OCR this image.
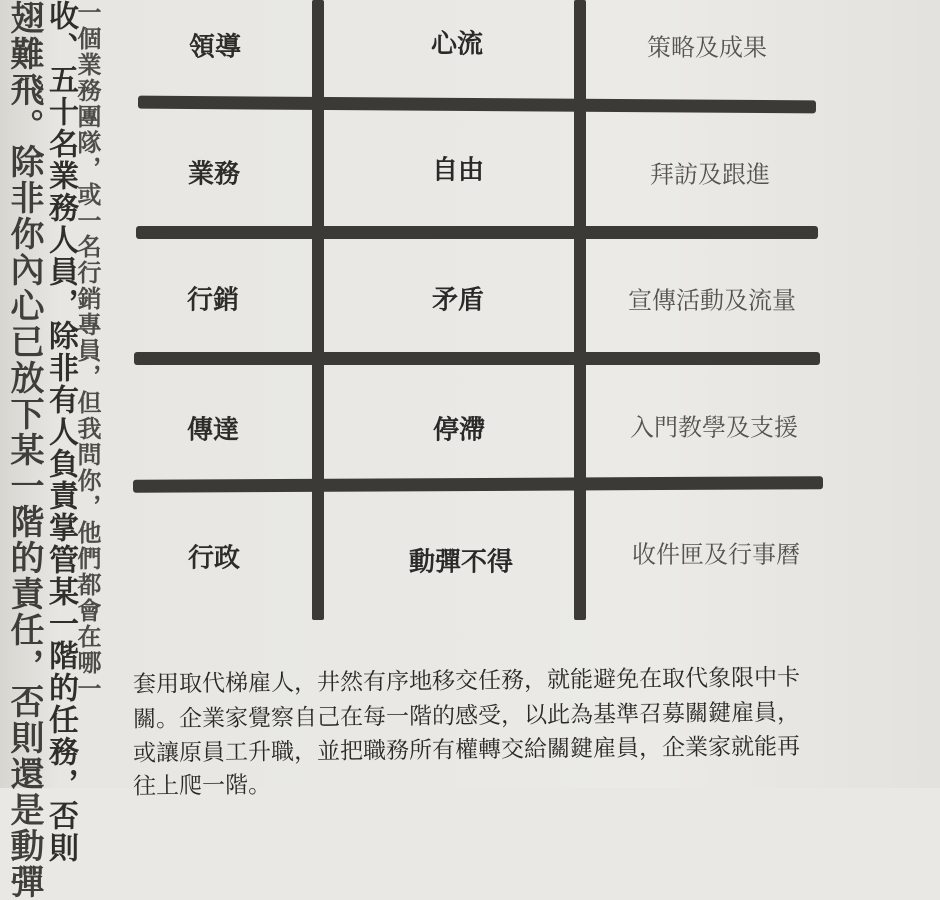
翅難飛。除非你內心已放下某一階的責任，否則還是動彈 收、五十名業務人員，除非有人負責掌管某一階的任務，否則
一個業務團隊，或一名行銷專員，但我問你，他們都會在哪一	領導	心流	策略及成果
業務	自由	拜訪及跟進
行銷	矛盾	宣傳活動及流量
傳達	停滯	入門教學及支援
行政	動彈不得	收件匣及行事曆
套用取代梯雇人，井然有序地移交任務，就能避免在取代象限中卡
關。企業家覺察自己在每一階的感受，以此為基準召募關鍵雇員，
或讓原員工升職，並把職務所有權轉交給關鍵雇員，企業家就能再
往上爬一階。
